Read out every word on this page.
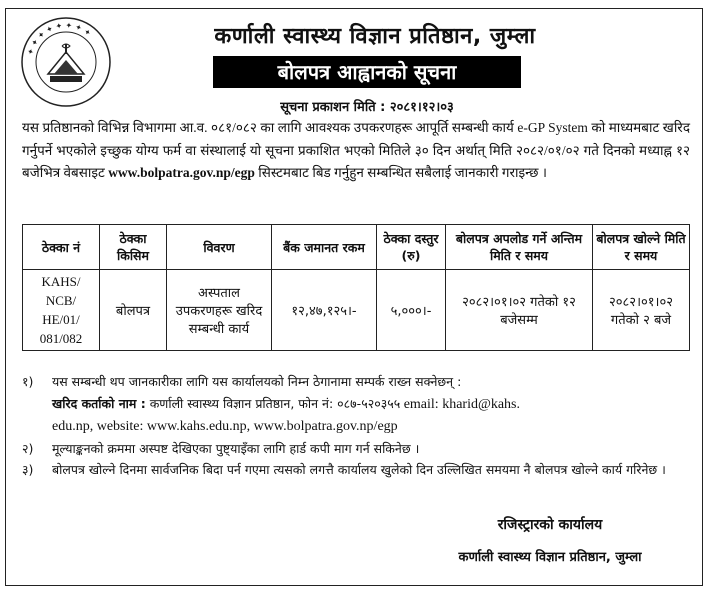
✦ ✦ ✦ ✦ ✦ ✦ ✦ ✦	कर्णाली स्वास्थ्य विज्ञान प्रतिष्ठान, जुम्ला
बोलपत्र आह्वानको सूचना
सूचना प्रकाशन मिति : २०८१।१२।०३
यस प्रतिष्ठानको विभिन्न विभागमा आ.व. ०८१/०८२ का लागि आवश्यक उपकरणहरू आपूर्ति सम्बन्धी कार्य e-GP System को माध्यमबाट खरिद गर्नुपर्ने भएकोले इच्छुक योग्य फर्म वा संस्थालाई यो सूचना प्रकाशित भएको मितिले ३० दिन अर्थात् मिति २०८२/०१/०२ गते दिनको मध्याह्न १२ बजेभित्र वेबसाइट www.bolpatra.gov.np/egp सिस्टमबाट बिड गर्नुहुन सम्बन्धित सबैलाई जानकारी गराइन्छ ।
ठेक्का नं	ठेक्का किसिम	विवरण	बैंक जमानत रकम	ठेक्का दस्तुर (रु)	बोलपत्र अपलोड गर्ने अन्तिम मिति र समय	बोलपत्र खोल्ने मिति र समय
KAHS/
NCB/
HE/01/
081/082	बोलपत्र	अस्पताल उपकरणहरू खरिद सम्बन्धी कार्य	१२,४७,१२५।-	५,०००।-	२०८२।०१।०२ गतेको १२ बजेसम्म	२०८२।०१।०२ गतेको २ बजे
१)	यस सम्बन्धी थप जानकारीका लागि यस कार्यालयको निम्न ठेगानामा सम्पर्क राख्न सक्नेछन् :
खरिद कर्ताको नाम : कर्णाली स्वास्थ्य विज्ञान प्रतिष्ठान, फोन नं: ०८७-५२०३५५ email: kharid@kahs.
edu.np, website: www.kahs.edu.np, www.bolpatra.gov.np/egp
२)	मूल्याङ्कनको क्रममा अस्पष्ट देखिएका पुष्ट्याइँका लागि हार्ड कपी माग गर्न सकिनेछ ।
३)	बोलपत्र खोल्ने दिनमा सार्वजनिक बिदा पर्न गएमा त्यसको लगत्तै कार्यालय खुलेको दिन उल्लिखित समयमा नै बोलपत्र खोल्ने कार्य गरिनेछ ।
रजिस्ट्रारको कार्यालय
कर्णाली स्वास्थ्य विज्ञान प्रतिष्ठान, जुम्ला
